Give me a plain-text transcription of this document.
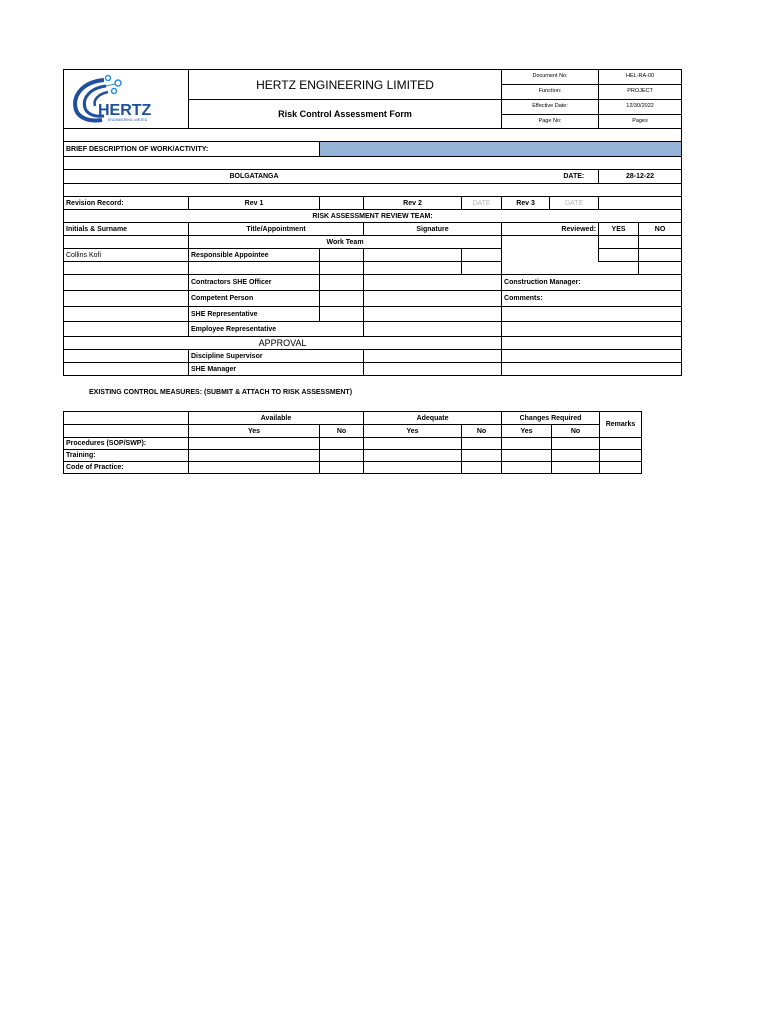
HERTZ
ENGINEERING LIMITED	HERTZ ENGINEERING LIMITED				Document No:		HEL-RA-00	
					Function:		PROJECT	
	Risk Control Assessment Form				Effective Date:		12/30/2022	
					Page No:		Pages	

BRIEF DESCRIPTION OF WORK/ACTIVITY:								

	BOLGATANGA					DATE:	28-12-22	

Revision Record:	Rev 1		Rev 2	DATE	Rev 3	DATE		
RISK ASSESSMENT REVIEW TEAM:								
Initials & Surname	Title/Appointment		Signature		Reviewed:		YES	NO
	Work Team							
Collins Kofi	Responsible Appointee							

	Contractors SHE Officer				Construction Manager:			
	Competent Person				Comments:			
	SHE Representative							
	Employee Representative							
APPROVAL								
	Discipline Supervisor							
	SHE Manager							
EXISTING CONTROL MEASURES: (SUBMIT & ATTACH TO RISK ASSESSMENT)
	Available		Adequate		Changes Required		Remarks
	Yes	No	Yes	No	Yes	No	
Procedures (SOP/SWP):							
Training:							
Code of Practice:							
